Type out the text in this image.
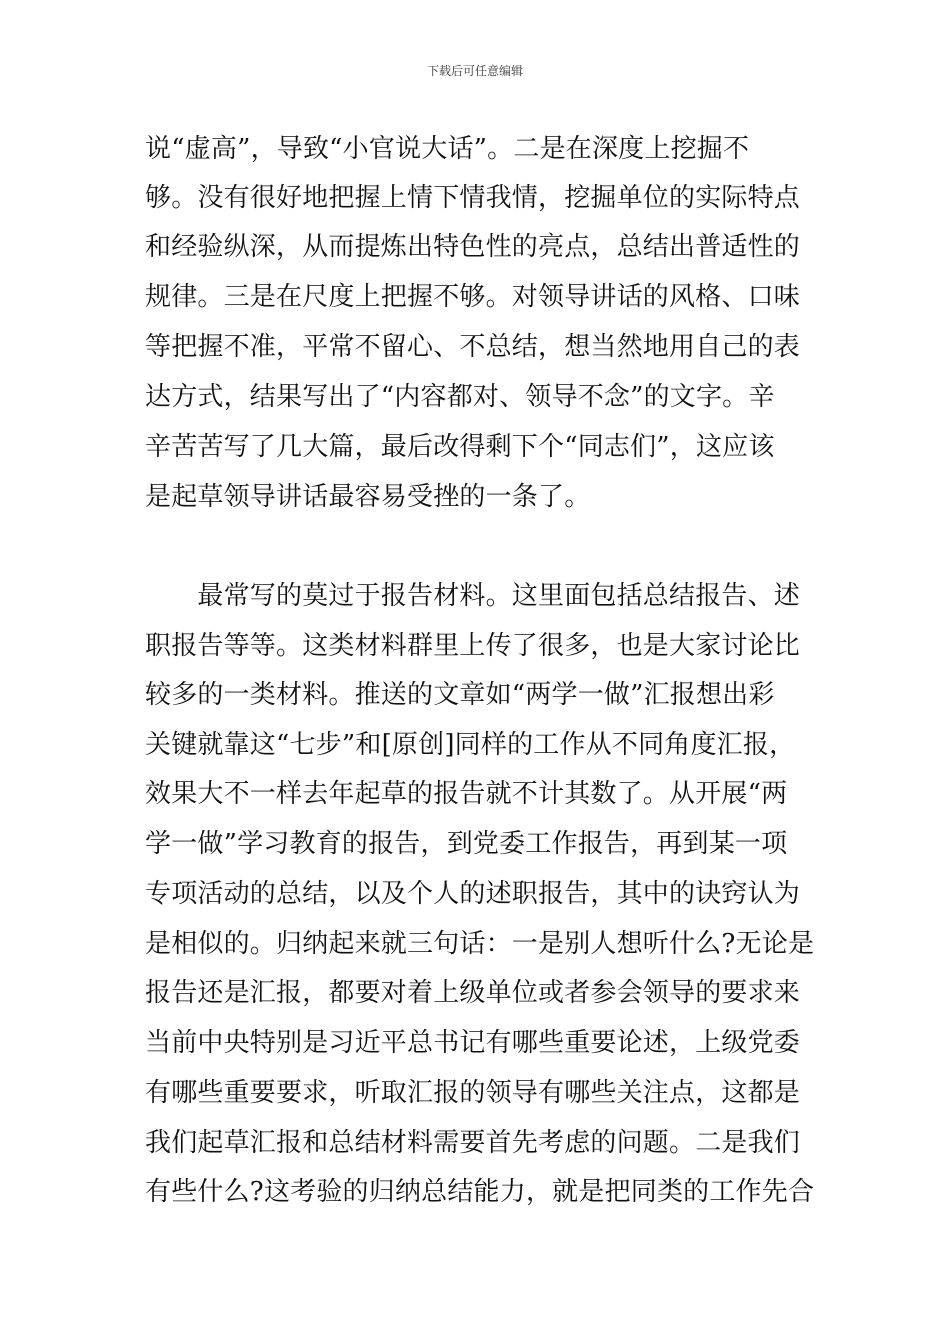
下载后可任意编辑
说“虚高”，导致“小官说大话”。二是在深度上挖掘不
够。没有很好地把握上情下情我情，挖掘单位的实际特点
和经验纵深，从而提炼出特色性的亮点，总结出普适性的
规律。三是在尺度上把握不够。对领导讲话的风格、口味
等把握不准，平常不留心、不总结，想当然地用自己的表
达方式，结果写出了“内容都对、领导不念”的文字。辛
辛苦苦写了几大篇，最后改得剩下个“同志们”，这应该
是起草领导讲话最容易受挫的一条了。
　　最常写的莫过于报告材料。这里面包括总结报告、述
职报告等等。这类材料群里上传了很多，也是大家讨论比
较多的一类材料。推送的文章如“两学一做”汇报想出彩
关键就靠这“七步”和[原创]同样的工作从不同角度汇报，
效果大不一样去年起草的报告就不计其数了。从开展“两
学一做”学习教育的报告，到党委工作报告，再到某一项
专项活动的总结，以及个人的述职报告，其中的诀窍认为
是相似的。归纳起来就三句话：一是别人想听什么?无论是
报告还是汇报，都要对着上级单位或者参会领导的要求来
当前中央特别是习近平总书记有哪些重要论述，上级党委
有哪些重要要求，听取汇报的领导有哪些关注点，这都是
我们起草汇报和总结材料需要首先考虑的问题。二是我们
有些什么?这考验的归纳总结能力，就是把同类的工作先合
